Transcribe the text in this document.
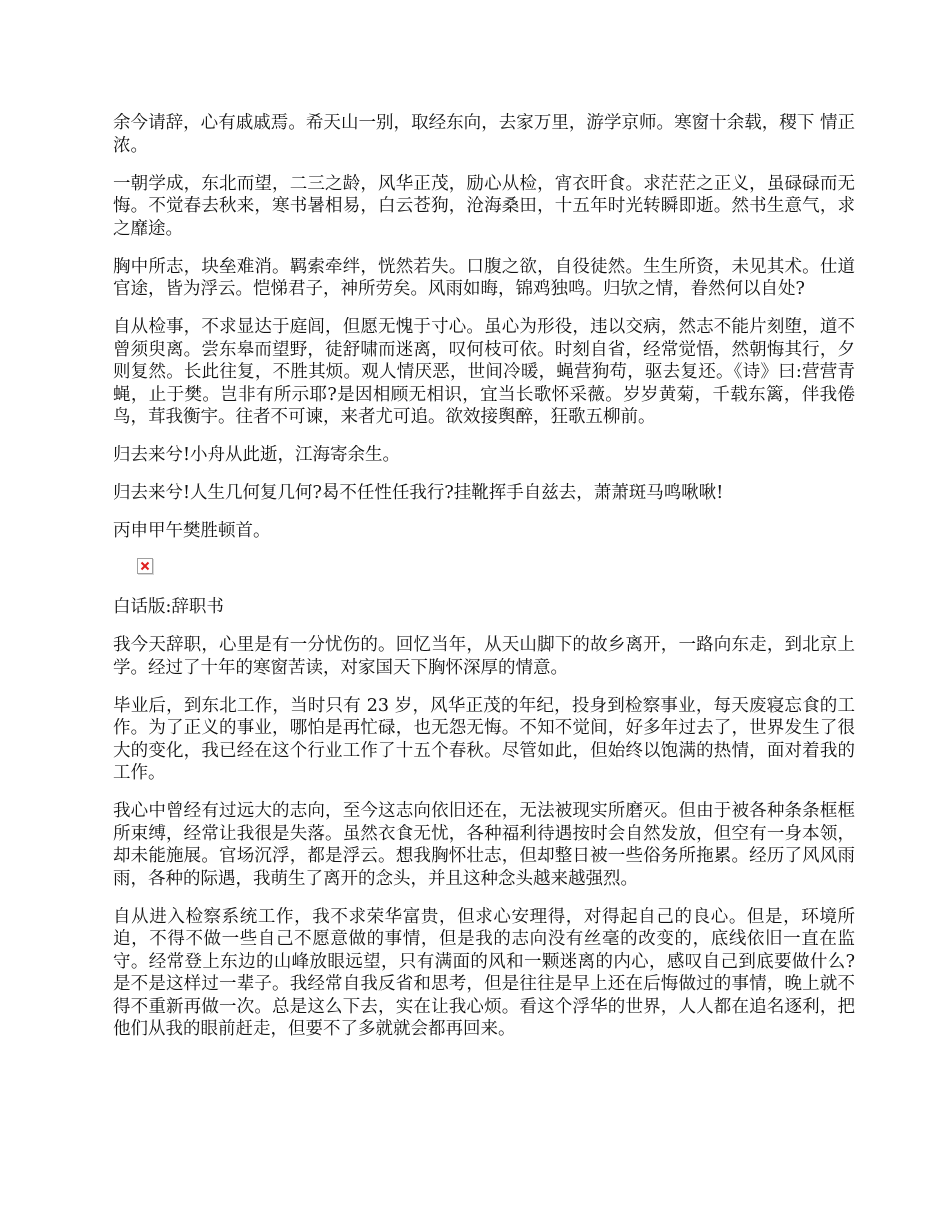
余今请辞，心有戚戚焉。希天山一别，取经东向，去家万里，游学京师。寒窗十余载，稷下 情正浓。

一朝学成，东北而望，二三之龄，风华正茂，励心从检，宵衣旰食。求茫茫之正义，虽碌碌而无悔。不觉春去秋来，寒书暑相易，白云苍狗，沧海桑田，十五年时光转瞬即逝。然书生意气，求之靡途。

胸中所志，块垒难消。羁索牵绊，恍然若失。口腹之欲，自役徒然。生生所资，未见其术。仕道官途，皆为浮云。恺悌君子，神所劳矣。风雨如晦，锦鸡独鸣。归欤之情，眷然何以自处?

自从检事，不求显达于庭闾，但愿无愧于寸心。虽心为形役，违以交病，然志不能片刻堕，道不曾须臾离。尝东皋而望野，徒舒啸而迷离，叹何枝可依。时刻自省，经常觉悟，然朝悔其行，夕则复然。长此往复，不胜其烦。观人情厌恶，世间冷暖，蝇营狗苟，驱去复还。《诗》曰:营营青蝇，止于樊。岂非有所示耶?是因相顾无相识，宜当长歌怀采薇。岁岁黄菊，千载东篱，伴我倦鸟，茸我衡宇。往者不可谏，来者尤可追。欲效接舆醉，狂歌五柳前。

归去来兮!小舟从此逝，江海寄余生。

归去来兮!人生几何复几何?曷不任性任我行?挂靴挥手自兹去，萧萧斑马鸣啾啾!

丙申甲午樊胜顿首。

白话版:辞职书

我今天辞职，心里是有一分忧伤的。回忆当年，从天山脚下的故乡离开，一路向东走，到北京上学。经过了十年的寒窗苦读，对家国天下胸怀深厚的情意。

毕业后，到东北工作，当时只有 23 岁，风华正茂的年纪，投身到检察事业，每天废寝忘食的工作。为了正义的事业，哪怕是再忙碌，也无怨无悔。不知不觉间，好多年过去了，世界发生了很大的变化，我已经在这个行业工作了十五个春秋。尽管如此，但始终以饱满的热情，面对着我的工作。

我心中曾经有过远大的志向，至今这志向依旧还在，无法被现实所磨灭。但由于被各种条条框框所束缚，经常让我很是失落。虽然衣食无忧，各种福利待遇按时会自然发放，但空有一身本领，却未能施展。官场沉浮，都是浮云。想我胸怀壮志，但却整日被一些俗务所拖累。经历了风风雨雨，各种的际遇，我萌生了离开的念头，并且这种念头越来越强烈。

自从进入检察系统工作，我不求荣华富贵，但求心安理得，对得起自己的良心。但是，环境所迫，不得不做一些自己不愿意做的事情，但是我的志向没有丝毫的改变的，底线依旧一直在监守。经常登上东边的山峰放眼远望，只有满面的风和一颗迷离的内心，感叹自己到底要做什么?是不是这样过一辈子。我经常自我反省和思考，但是往往是早上还在后悔做过的事情，晚上就不得不重新再做一次。总是这么下去，实在让我心烦。看这个浮华的世界，人人都在追名逐利，把他们从我的眼前赶走，但要不了多就就会都再回来。
